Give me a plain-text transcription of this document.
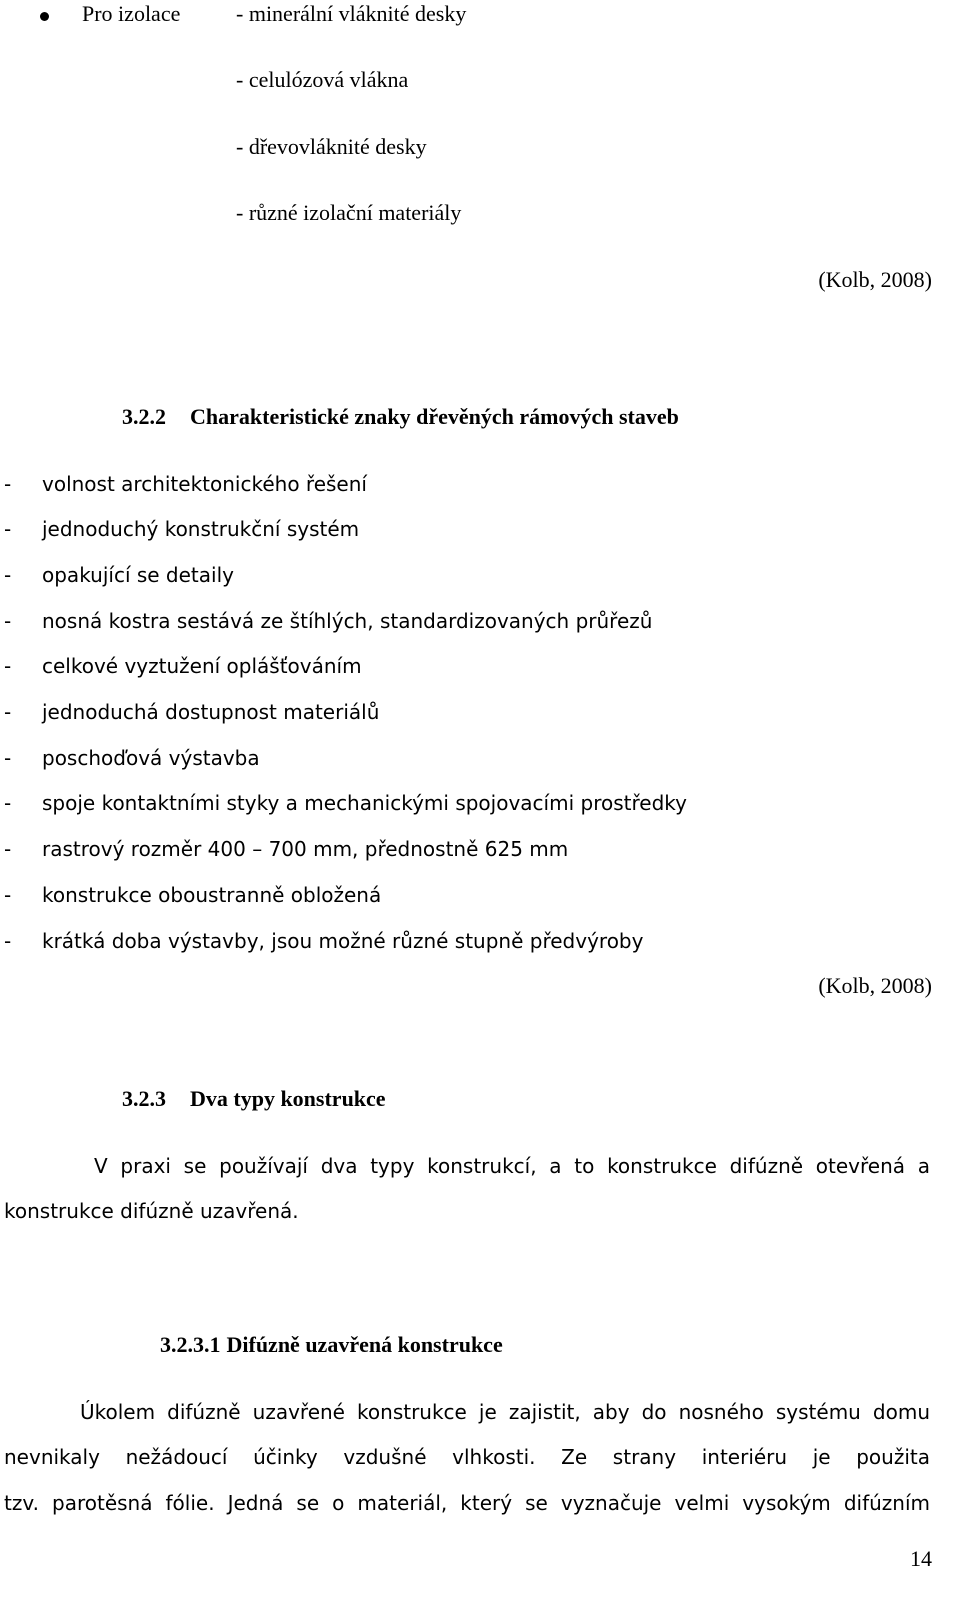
Pro izolace	- minerální vláknité desky
- celulózová vlákna
- dřevovláknité desky
- různé izolační materiály
(Kolb, 2008)
3.2.2 Charakteristické znaky dřevěných rámových staveb
- volnost architektonického řešení
- jednoduchý konstrukční systém
- opakující se detaily
- nosná kostra sestává ze štíhlých, standardizovaných průřezů
- celkové vyztužení oplášťováním
- jednoduchá dostupnost materiálů
- poschoďová výstavba
- spoje kontaktními styky a mechanickými spojovacími prostředky
- rastrový rozměr 400 – 700 mm, přednostně 625 mm
- konstrukce oboustranně obložená
- krátká doba výstavby, jsou možné různé stupně předvýroby
(Kolb, 2008)
3.2.3 Dva typy konstrukce
V praxi se používají dva typy konstrukcí, a to konstrukce difúzně otevřená a
konstrukce difúzně uzavřená.
3.2.3.1 Difúzně uzavřená konstrukce
Úkolem difúzně uzavřené konstrukce je zajistit, aby do nosného systému domu
nevnikaly nežádoucí účinky vzdušné vlhkosti. Ze strany interiéru je použita
tzv. parotěsná fólie. Jedná se o materiál, který se vyznačuje velmi vysokým difúzním
14
